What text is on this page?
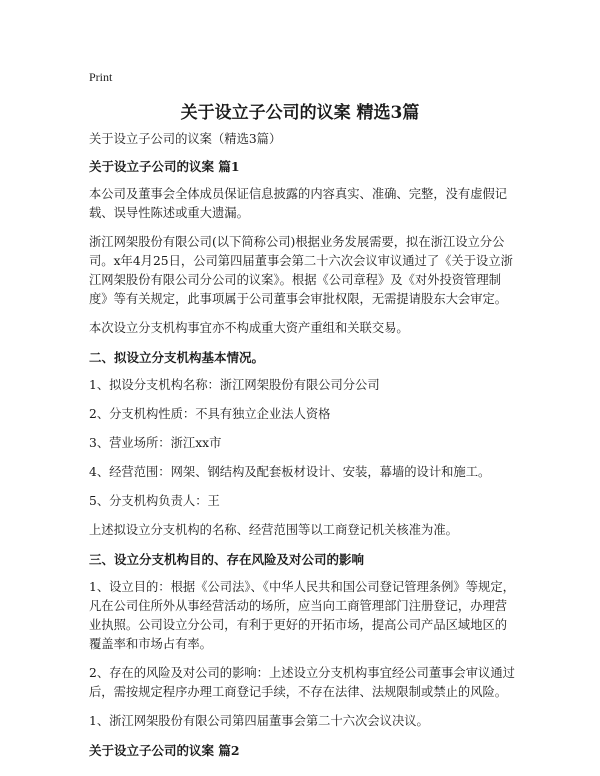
Print
关于设立子公司的议案 精选3篇

关于设立子公司的议案（精选3篇）

关于设立子公司的议案 篇1

本公司及董事会全体成员保证信息披露的内容真实、准确、完整，没有虚假记载、误导性陈述或重大遗漏。

浙江网架股份有限公司(以下简称公司)根据业务发展需要，拟在浙江设立分公司。x年4月25日，公司第四届董事会第二十六次会议审议通过了《关于设立浙江网架股份有限公司分公司的议案》。根据《公司章程》及《对外投资管理制度》等有关规定，此事项属于公司董事会审批权限，无需提请股东大会审定。

本次设立分支机构事宜亦不构成重大资产重组和关联交易。

二、拟设立分支机构基本情况。
1、拟设分支机构名称：浙江网架股份有限公司分公司
2、分支机构性质：不具有独立企业法人资格
3、营业场所：浙江xx市
4、经营范围：网架、钢结构及配套板材设计、安装，幕墙的设计和施工。
5、分支机构负责人：王

上述拟设立分支机构的名称、经营范围等以工商登记机关核准为准。

三、设立分支机构目的、存在风险及对公司的影响

1、设立目的：根据《公司法》、《中华人民共和国公司登记管理条例》等规定，凡在公司住所外从事经营活动的场所，应当向工商管理部门注册登记，办理营业执照。公司设立分公司，有利于更好的开拓市场，提高公司产品区域地区的覆盖率和市场占有率。

2、存在的风险及对公司的影响：上述设立分支机构事宜经公司董事会审议通过后，需按规定程序办理工商登记手续，不存在法律、法规限制或禁止的风险。

1、浙江网架股份有限公司第四届董事会第二十六次会议决议。

关于设立子公司的议案 篇2
